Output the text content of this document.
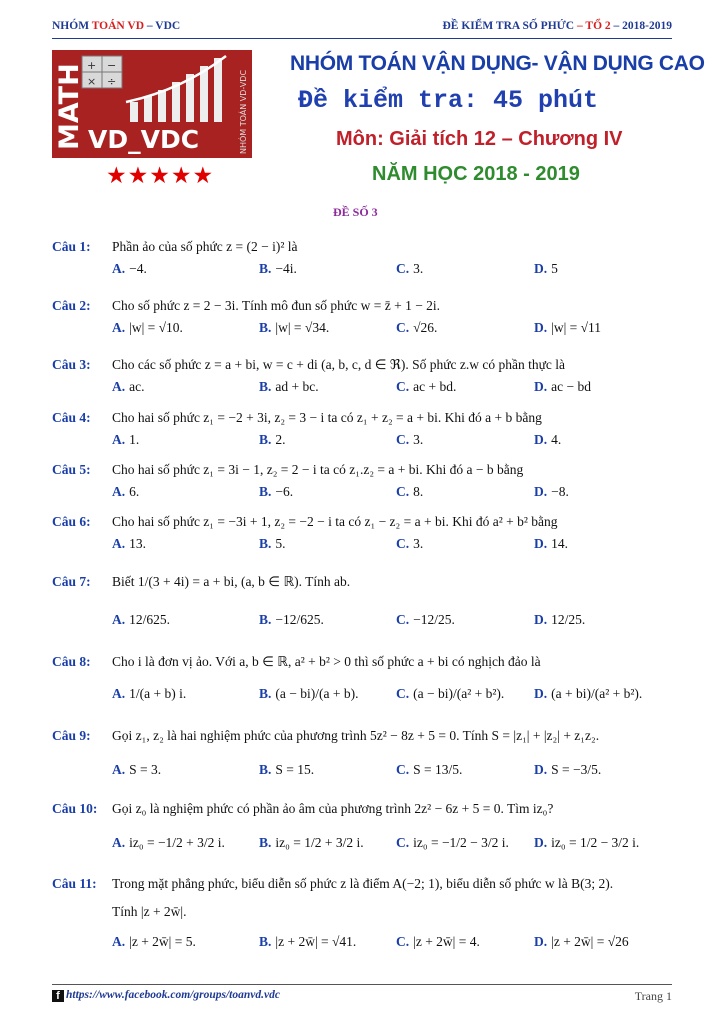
NHÓM TOÁN VD – VDC	ĐỀ KIỂM TRA SỐ PHỨC – TỔ 2 – 2018-2019
+ −
× ÷
MATH VD_VDC	NHÓM TOÁN VD-VDC
★★★★★
NHÓM TOÁN VẬN DỤNG- VẬN DỤNG CAO
Đề kiểm tra: 45 phút
Môn: Giải tích 12 – Chương IV
NĂM HỌC 2018 - 2019
ĐỀ SỐ 3
Câu 1: Phần ảo của số phức z = (2 − i)² là
A. −4.	B. −4i.	C. 3.	D. 5
Câu 2: Cho số phức z = 2 − 3i. Tính mô đun số phức w = z̄ + 1 − 2i.
A. |w| = √10.	B. |w| = √34.	C. √26.	D. |w| = √11
Câu 3: Cho các số phức z = a + bi, w = c + di (a, b, c, d ∈ ℜ). Số phức z.w có phần thực là
A. ac.	B. ad + bc.	C. ac + bd.	D. ac − bd
Câu 4: Cho hai số phức z₁ = −2 + 3i, z₂ = 3 − i ta có z₁ + z₂ = a + bi. Khi đó a + b bằng
A. 1.	B. 2.	C. 3.	D. 4.
Câu 5: Cho hai số phức z₁ = 3i − 1, z₂ = 2 − i ta có z₁.z₂ = a + bi. Khi đó a − b bằng
A. 6.	B. −6.	C. 8.	D. −8.
Câu 6: Cho hai số phức z₁ = −3i + 1, z₂ = −2 − i ta có z₁ − z₂ = a + bi. Khi đó a² + b² bằng
A. 13.	B. 5.	C. 3.	D. 14.
Câu 7: Biết 1/(3 + 4i) = a + bi, (a, b ∈ ℝ). Tính ab.
A. 12/625.	B. −12/625.	C. −12/25.	D. 12/25.
Câu 8: Cho i là đơn vị ảo. Với a, b ∈ ℝ, a² + b² > 0 thì số phức a + bi có nghịch đảo là
A. 1/(a + b) i.	B. (a − bi)/(a + b).	C. (a − bi)/(a² + b²). D. (a + bi)/(a² + b²).
Câu 9: Gọi z₁, z₂ là hai nghiệm phức của phương trình 5z² − 8z + 5 = 0. Tính S = |z₁| + |z₂| + z₁z₂.
A. S = 3.	B. S = 15.	C. S = 13/5.	D. S = −3/5.
Câu 10: Gọi z₀ là nghiệm phức có phần ảo âm của phương trình 2z² − 6z + 5 = 0. Tìm iz₀?
A. iz₀ = −1/2 + 3/2 i.	B. iz₀ = 1/2 + 3/2 i. C. iz₀ = −1/2 − 3/2 i. D. iz₀ = 1/2 − 3/2 i.
Câu 11: Trong mặt phẳng phức, biểu diễn số phức z là điểm A(−2; 1), biểu diễn số phức w là B(3; 2).
Tính |z + 2w̄|.
A. |z + 2w̄| = 5.	B. |z + 2w̄| = √41.	C. |z + 2w̄| = 4.	D. |z + 2w̄| = √26
f https://www.facebook.com/groups/toanvd.vdc	Trang 1
